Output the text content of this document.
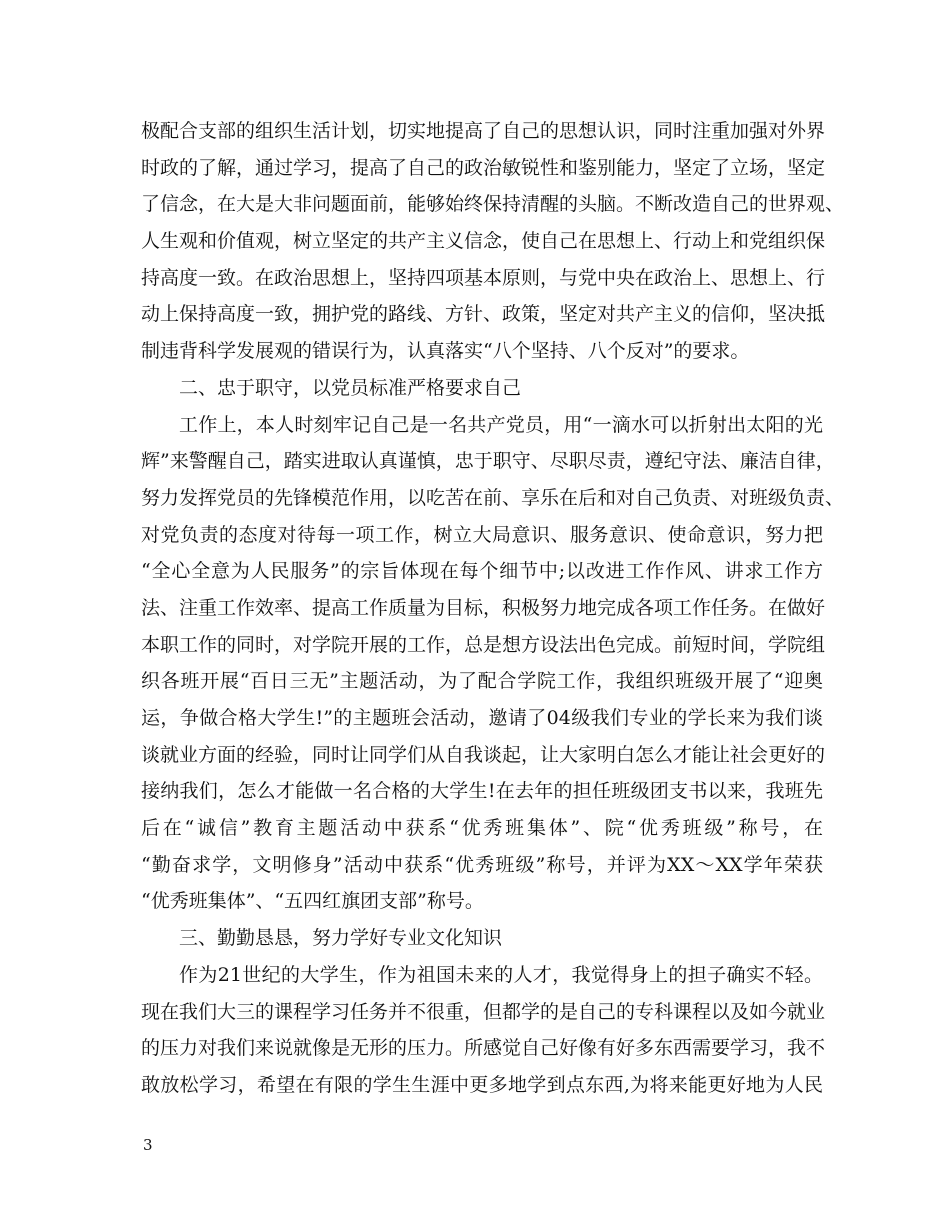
极配合支部的组织生活计划，切实地提高了自己的思想认识，同时注重加强对外界
时政的了解，通过学习，提高了自己的政治敏锐性和鉴别能力，坚定了立场，坚定
了信念，在大是大非问题面前，能够始终保持清醒的头脑。不断改造自己的世界观、
人生观和价值观，树立坚定的共产主义信念，使自己在思想上、行动上和党组织保
持高度一致。在政治思想上，坚持四项基本原则，与党中央在政治上、思想上、行
动上保持高度一致，拥护党的路线、方针、政策，坚定对共产主义的信仰，坚决抵
制违背科学发展观的错误行为，认真落实“八个坚持、八个反对”的要求。
二、忠于职守，以党员标准严格要求自己
工作上，本人时刻牢记自己是一名共产党员，用“一滴水可以折射出太阳的光
辉”来警醒自己，踏实进取认真谨慎，忠于职守、尽职尽责，遵纪守法、廉洁自律，
努力发挥党员的先锋模范作用，以吃苦在前、享乐在后和对自己负责、对班级负责、
对党负责的态度对待每一项工作，树立大局意识、服务意识、使命意识，努力把
“全心全意为人民服务”的宗旨体现在每个细节中;以改进工作作风、讲求工作方
法、注重工作效率、提高工作质量为目标，积极努力地完成各项工作任务。在做好
本职工作的同时，对学院开展的工作，总是想方设法出色完成。前短时间，学院组
织各班开展“百日三无”主题活动，为了配合学院工作，我组织班级开展了“迎奥
运，争做合格大学生!”的主题班会活动，邀请了04级我们专业的学长来为我们谈
谈就业方面的经验，同时让同学们从自我谈起，让大家明白怎么才能让社会更好的
接纳我们，怎么才能做一名合格的大学生!在去年的担任班级团支书以来，我班先
后在“诚信”教育主题活动中获系“优秀班集体”、院“优秀班级”称号，在
“勤奋求学，文明修身”活动中获系“优秀班级”称号，并评为XX～XX学年荣获
“优秀班集体”、“五四红旗团支部”称号。
三、勤勤恳恳，努力学好专业文化知识
作为21世纪的大学生，作为祖国未来的人才，我觉得身上的担子确实不轻。
现在我们大三的课程学习任务并不很重，但都学的是自己的专科课程以及如今就业
的压力对我们来说就像是无形的压力。所感觉自己好像有好多东西需要学习，我不
敢放松学习，希望在有限的学生生涯中更多地学到点东西,为将来能更好地为人民
3
